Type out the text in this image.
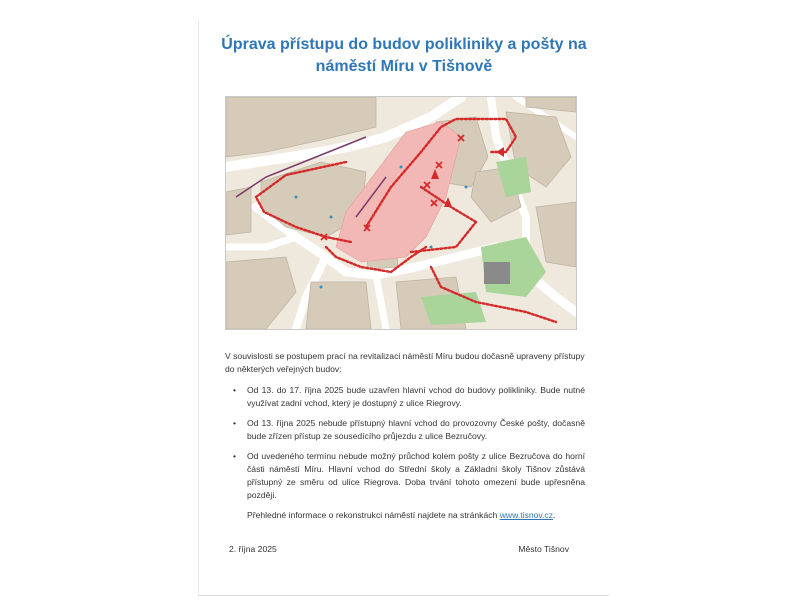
Úprava přístupu do budov polikliniky a pošty na
náměstí Míru v Tišnově

V souvislosti se postupem prací na revitalizaci náměstí Míru budou dočasně upraveny přístupy do některých veřejných budov:

• Od 13. do 17. října 2025 bude uzavřen hlavní vchod do budovy polikliniky. Bude nutné využívat zadní vchod, který je dostupný z ulice Riegrovy.
• Od 13. října 2025 nebude přístupný hlavní vchod do provozovny České pošty, dočasně bude zřízen přístup ze sousedícího průjezdu z ulice Bezručovy.
• Od uvedeného termínu nebude možný průchod kolem pošty z ulice Bezručova do horní části náměstí Míru. Hlavní vchod do Střední školy a Základní školy Tišnov zůstává přístupný ze směru od ulice Riegrova. Doba trvání tohoto omezení bude upřesněna později.

Přehledné informace o rekonstrukci náměstí najdete na stránkách www.tisnov.cz.

2. října 2025	Město Tišnov
